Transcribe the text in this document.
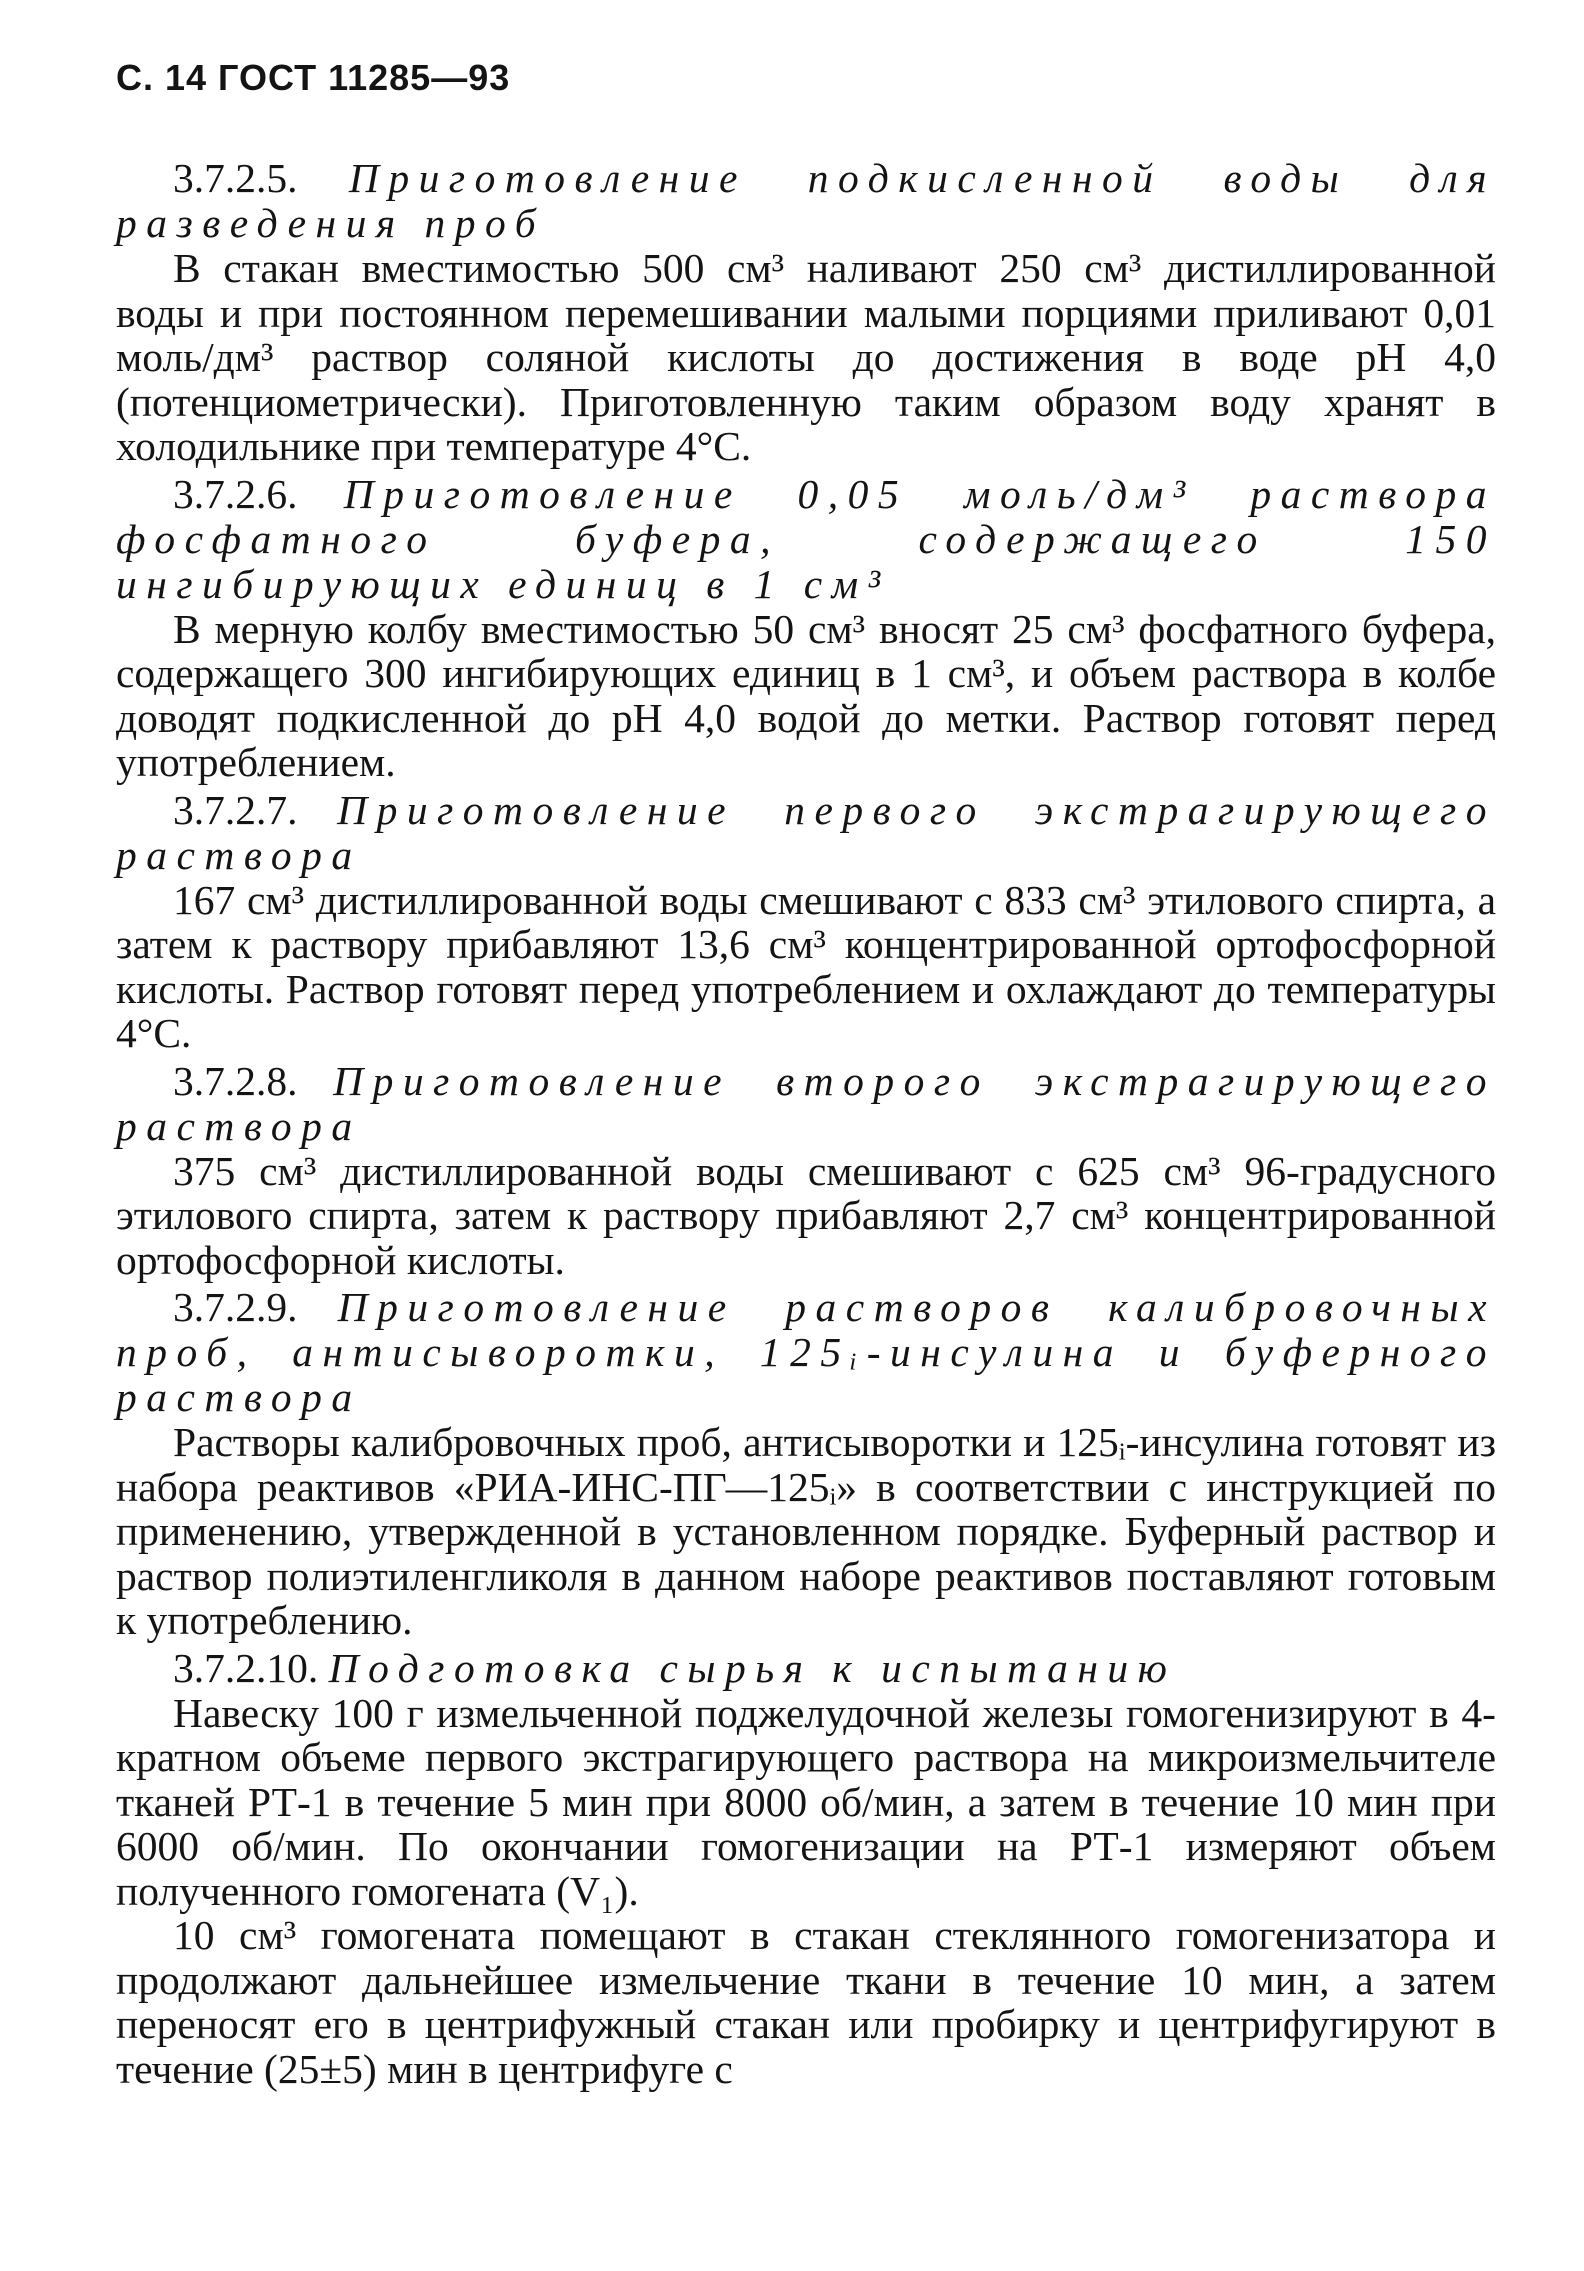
С. 14 ГОСТ 11285—93

3.7.2.5. Приготовление подкисленной воды для разведения проб

В стакан вместимостью 500 см³ наливают 250 см³ дистиллированной воды и при постоянном перемешивании малыми порциями приливают 0,01 моль/дм³ раствор соляной кислоты до достижения в воде pH 4,0 (потенциометрически). Приготовленную таким образом воду хранят в холодильнике при температуре 4°С.

3.7.2.6. Приготовление 0,05 моль/дм³ раствора фосфатного буфера, содержащего 150 ингибирующих единиц в 1 см³

В мерную колбу вместимостью 50 см³ вносят 25 см³ фосфатного буфера, содержащего 300 ингибирующих единиц в 1 см³, и объем раствора в колбе доводят подкисленной до pH 4,0 водой до метки. Раствор готовят перед употреблением.

3.7.2.7. Приготовление первого экстрагирующего раствора

167 см³ дистиллированной воды смешивают с 833 см³ этилового спирта, а затем к раствору прибавляют 13,6 см³ концентрированной ортофосфорной кислоты. Раствор готовят перед употреблением и охлаждают до температуры 4°С.

3.7.2.8. Приготовление второго экстрагирующего раствора

375 см³ дистиллированной воды смешивают с 625 см³ 96-градусного этилового спирта, затем к раствору прибавляют 2,7 см³ концентрированной ортофосфорной кислоты.

3.7.2.9. Приготовление растворов калибровочных проб, антисыворотки, 125ᵢ-инсулина и буферного раствора

Растворы калибровочных проб, антисыворотки и 125ᵢ-инсулина готовят из набора реактивов «РИА-ИНС-ПГ—125ᵢ» в соответствии с инструкцией по применению, утвержденной в установленном порядке. Буферный раствор и раствор полиэтиленгликоля в данном наборе реактивов поставляют готовым к употреблению.

3.7.2.10. Подготовка сырья к испытанию

Навеску 100 г измельченной поджелудочной железы гомогенизируют в 4-кратном объеме первого экстрагирующего раствора на микроизмельчителе тканей РТ-1 в течение 5 мин при 8000 об/мин, а затем в течение 10 мин при 6000 об/мин. По окончании гомогенизации на РТ-1 измеряют объем полученного гомогената (V₁).

10 см³ гомогената помещают в стакан стеклянного гомогенизатора и продолжают дальнейшее измельчение ткани в течение 10 мин, а затем переносят его в центрифужный стакан или пробирку и центрифугируют в течение (25±5) мин в центрифуге с
